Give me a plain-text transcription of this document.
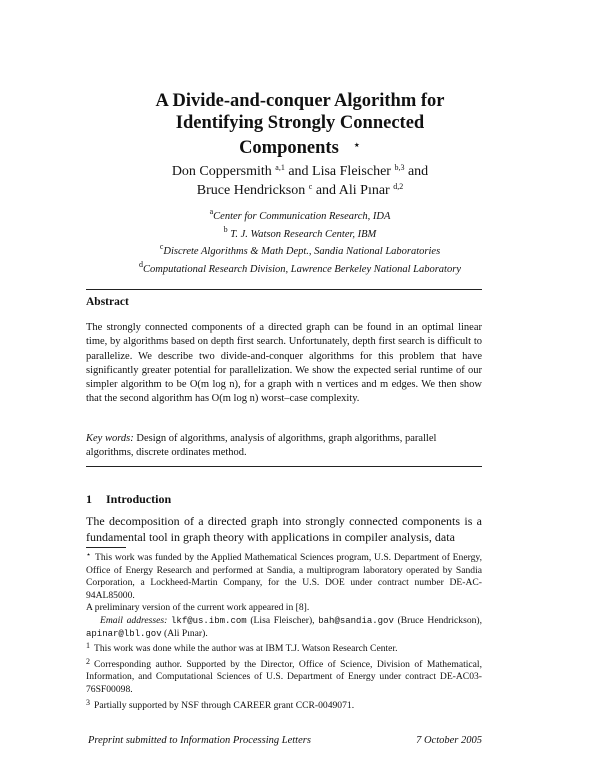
A Divide-and-conquer Algorithm for
Identifying Strongly Connected
Components ⋆
Don Coppersmith $^{a,1}$ and Lisa Fleischer $^{b,3}$ and
Bruce Hendrickson $^c$ and Ali Pınar $^{d,2}$
$^a$Center for Communication Research, IDA
$^b$ T. J. Watson Research Center, IBM
$^c$Discrete Algorithms & Math Dept., Sandia National Laboratories
$^d$Computational Research Division, Lawrence Berkeley National Laboratory
Abstract

The strongly connected components of a directed graph can be found in an optimal linear time, by algorithms based on depth first search. Unfortunately, depth first search is difficult to parallelize. We describe two divide-and-conquer algorithms for this problem that have significantly greater potential for parallelization. We show the expected serial runtime of our simpler algorithm to be O(m log n), for a graph with n vertices and m edges. We then show that the second algorithm has O(m log n) worst–case complexity.

Key words: Design of algorithms, analysis of algorithms, graph algorithms, parallel algorithms, discrete ordinates method.

1 Introduction

The decomposition of a directed graph into strongly connected components is a fundamental tool in graph theory with applications in compiler analysis, data

⋆ This work was funded by the Applied Mathematical Sciences program, U.S. Department of Energy, Office of Energy Research and performed at Sandia, a multiprogram laboratory operated by Sandia Corporation, a Lockheed-Martin Company, for the U.S. DOE under contract number DE-AC-94AL85000.

A preliminary version of the current work appeared in [8].

Email addresses: lkf@us.ibm.com (Lisa Fleischer), bah@sandia.gov (Bruce Hendrickson), apinar@lbl.gov (Ali Pınar).

$^1$ This work was done while the author was at IBM T.J. Watson Research Center.

$^2$ Corresponding author. Supported by the Director, Office of Science, Division of Mathematical, Information, and Computational Sciences of U.S. Department of Energy under contract DE-AC03-76SF00098.

$^3$ Partially supported by NSF through CAREER grant CCR-0049071.

Preprint submitted to Information Processing Letters	7 October 2005
